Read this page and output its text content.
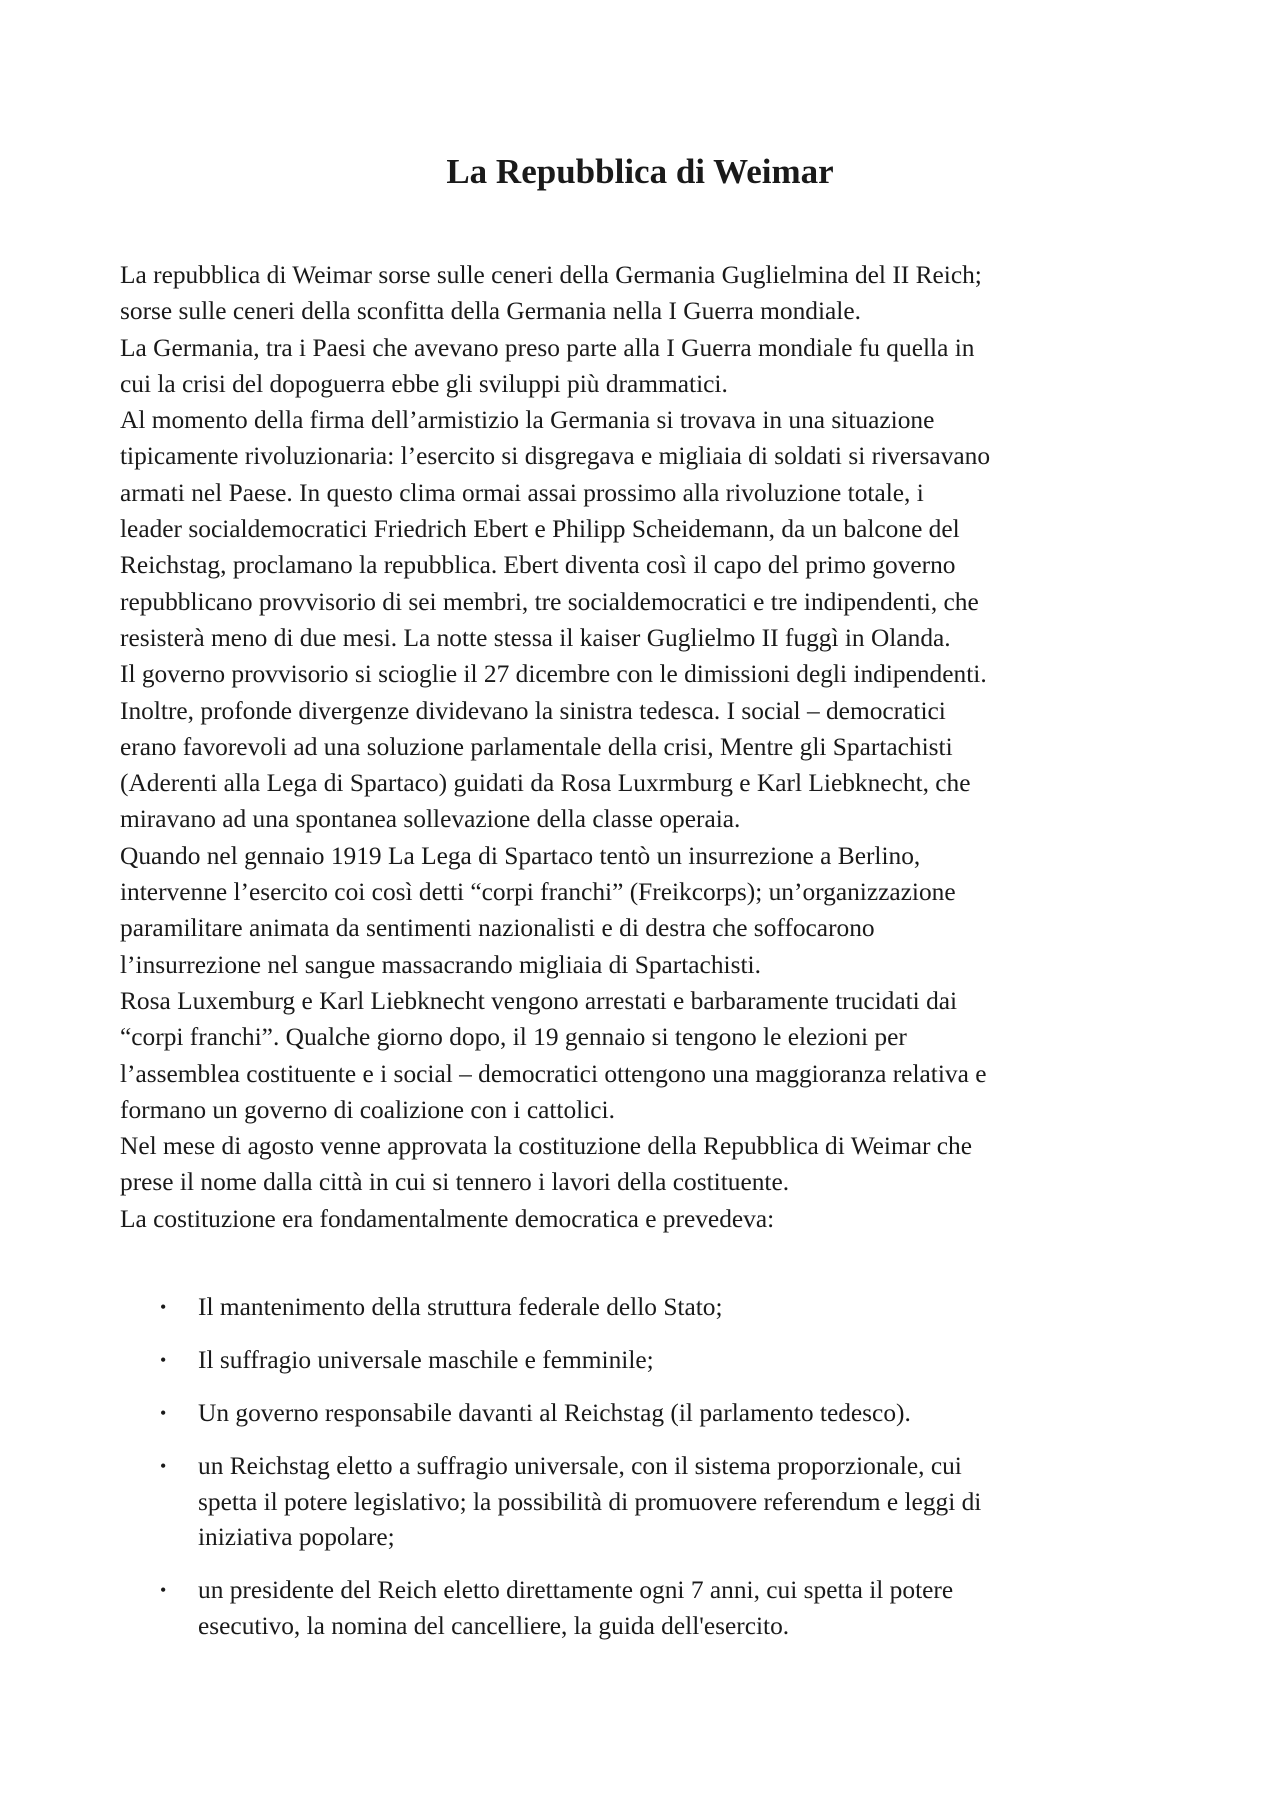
La Repubblica di Weimar
La repubblica di Weimar sorse sulle ceneri della Germania Guglielmina del II Reich;
sorse sulle ceneri della sconfitta della Germania nella I Guerra mondiale.
La Germania, tra i Paesi che avevano preso parte alla I Guerra mondiale fu quella in
cui la crisi del dopoguerra ebbe gli sviluppi più drammatici.
Al momento della firma dell’armistizio la Germania si trovava in una situazione
tipicamente rivoluzionaria: l’esercito si disgregava e migliaia di soldati si riversavano
armati nel Paese. In questo clima ormai assai prossimo alla rivoluzione totale, i
leader socialdemocratici Friedrich Ebert e Philipp Scheidemann, da un balcone del
Reichstag, proclamano la repubblica. Ebert diventa così il capo del primo governo
repubblicano provvisorio di sei membri, tre socialdemocratici e tre indipendenti, che
resisterà meno di due mesi. La notte stessa il kaiser Guglielmo II fuggì in Olanda.
Il governo provvisorio si scioglie il 27 dicembre con le dimissioni degli indipendenti.
Inoltre, profonde divergenze dividevano la sinistra tedesca. I social – democratici
erano favorevoli ad una soluzione parlamentale della crisi, Mentre gli Spartachisti
(Aderenti alla Lega di Spartaco) guidati da Rosa Luxrmburg e Karl Liebknecht, che
miravano ad una spontanea sollevazione della classe operaia.
Quando nel gennaio 1919 La Lega di Spartaco tentò un insurrezione a Berlino,
intervenne l’esercito coi così detti “corpi franchi” (Freikcorps); un’organizzazione
paramilitare animata da sentimenti nazionalisti e di destra che soffocarono
l’insurrezione nel sangue massacrando migliaia di Spartachisti.
Rosa Luxemburg e Karl Liebknecht vengono arrestati e barbaramente trucidati dai
“corpi franchi”. Qualche giorno dopo, il 19 gennaio si tengono le elezioni per
l’assemblea costituente e i social – democratici ottengono una maggioranza relativa e
formano un governo di coalizione con i cattolici.
Nel mese di agosto venne approvata la costituzione della Repubblica di Weimar che
prese il nome dalla città in cui si tennero i lavori della costituente.
La costituzione era fondamentalmente democratica e prevedeva:
• Il mantenimento della struttura federale dello Stato;
• Il suffragio universale maschile e femminile;
• Un governo responsabile davanti al Reichstag (il parlamento tedesco).
• un Reichstag eletto a suffragio universale, con il sistema proporzionale, cui
spetta il potere legislativo; la possibilità di promuovere referendum e leggi di
iniziativa popolare;
• un presidente del Reich eletto direttamente ogni 7 anni, cui spetta il potere
esecutivo, la nomina del cancelliere, la guida dell'esercito.
